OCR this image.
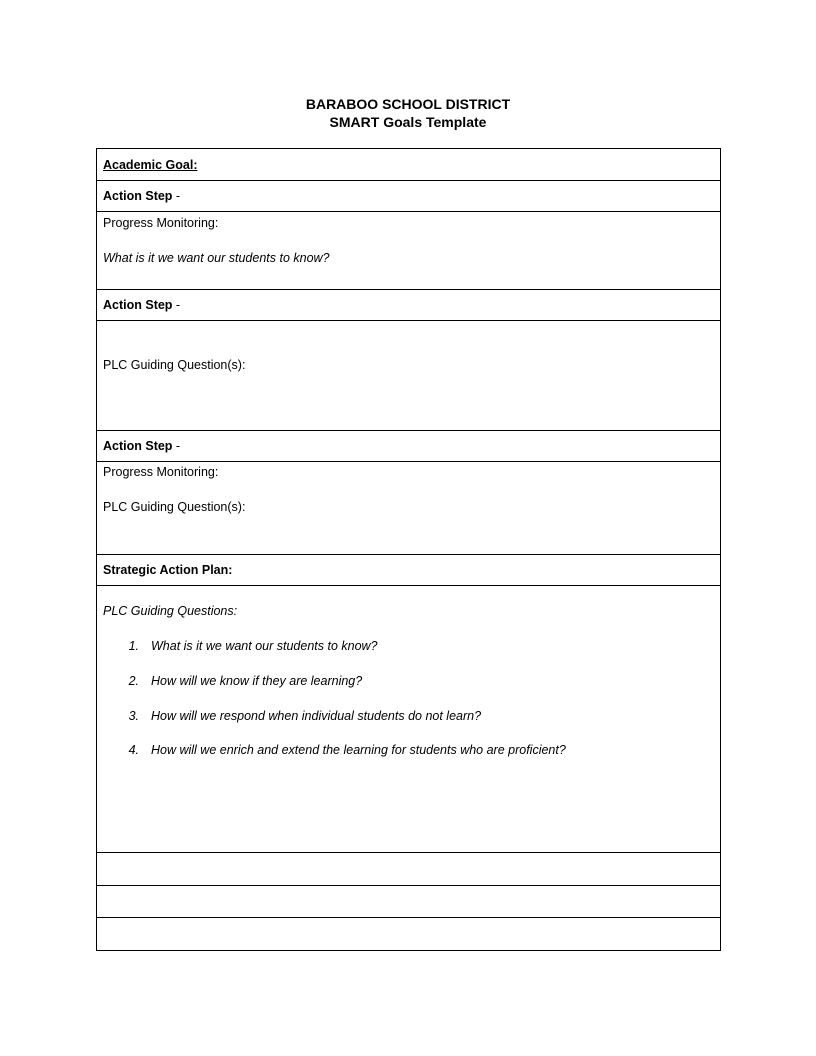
BARABOO SCHOOL DISTRICT
SMART Goals Template
Academic Goal:
Action Step -
Progress Monitoring:
What is it we want our students to know?
Action Step -
PLC Guiding Question(s):
Action Step -
Progress Monitoring:
PLC Guiding Question(s):
Strategic Action Plan:
PLC Guiding Questions:
1. What is it we want our students to know?
2. How will we know if they are learning?
3. How will we respond when individual students do not learn?
4. How will we enrich and extend the learning for students who are proficient?
